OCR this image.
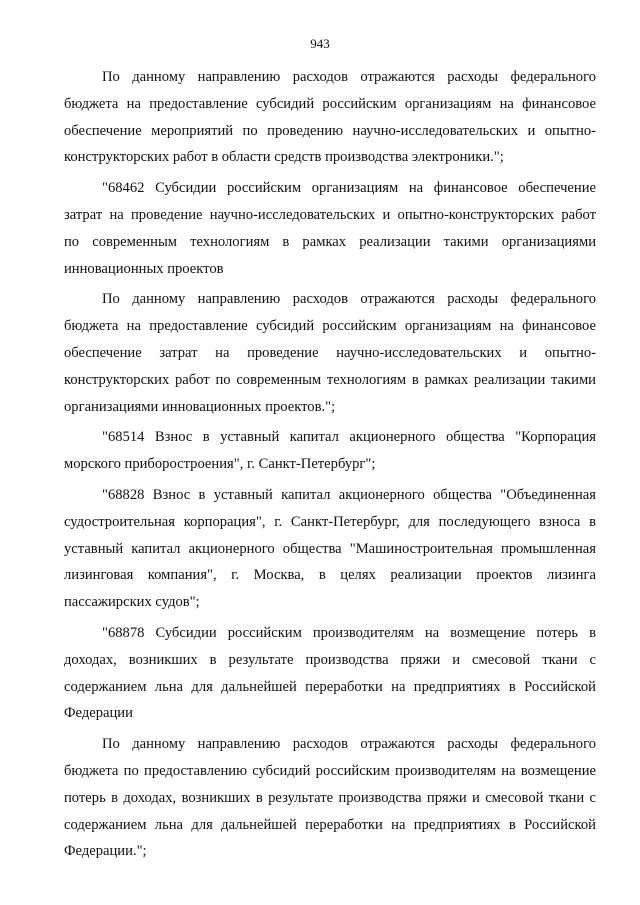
943

По данному направлению расходов отражаются расходы федерального
бюджета на предоставление субсидий российским организациям на финансовое
обеспечение мероприятий по проведению научно-исследовательских и опытно-
конструкторских работ в области средств производства электроники.";

"68462 Субсидии российским организациям на финансовое обеспечение
затрат на проведение научно-исследовательских и опытно-конструкторских работ
по современным технологиям в рамках реализации такими организациями
инновационных проектов

По данному направлению расходов отражаются расходы федерального
бюджета на предоставление субсидий российским организациям на финансовое
обеспечение затрат на проведение научно-исследовательских и опытно-
конструкторских работ по современным технологиям в рамках реализации такими
организациями инновационных проектов.";

"68514 Взнос в уставный капитал акционерного общества "Корпорация
морского приборостроения", г. Санкт-Петербург";

"68828 Взнос в уставный капитал акционерного общества "Объединенная
судостроительная корпорация", г. Санкт-Петербург, для последующего взноса в
уставный капитал акционерного общества "Машиностроительная промышленная
лизинговая компания", г. Москва, в целях реализации проектов лизинга
пассажирских судов";

"68878 Субсидии российским производителям на возмещение потерь в
доходах, возникших в результате производства пряжи и смесовой ткани с
содержанием льна для дальнейшей переработки на предприятиях в Российской
Федерации

По данному направлению расходов отражаются расходы федерального
бюджета по предоставлению субсидий российским производителям на возмещение
потерь в доходах, возникших в результате производства пряжи и смесовой ткани с
содержанием льна для дальнейшей переработки на предприятиях в Российской
Федерации.";
